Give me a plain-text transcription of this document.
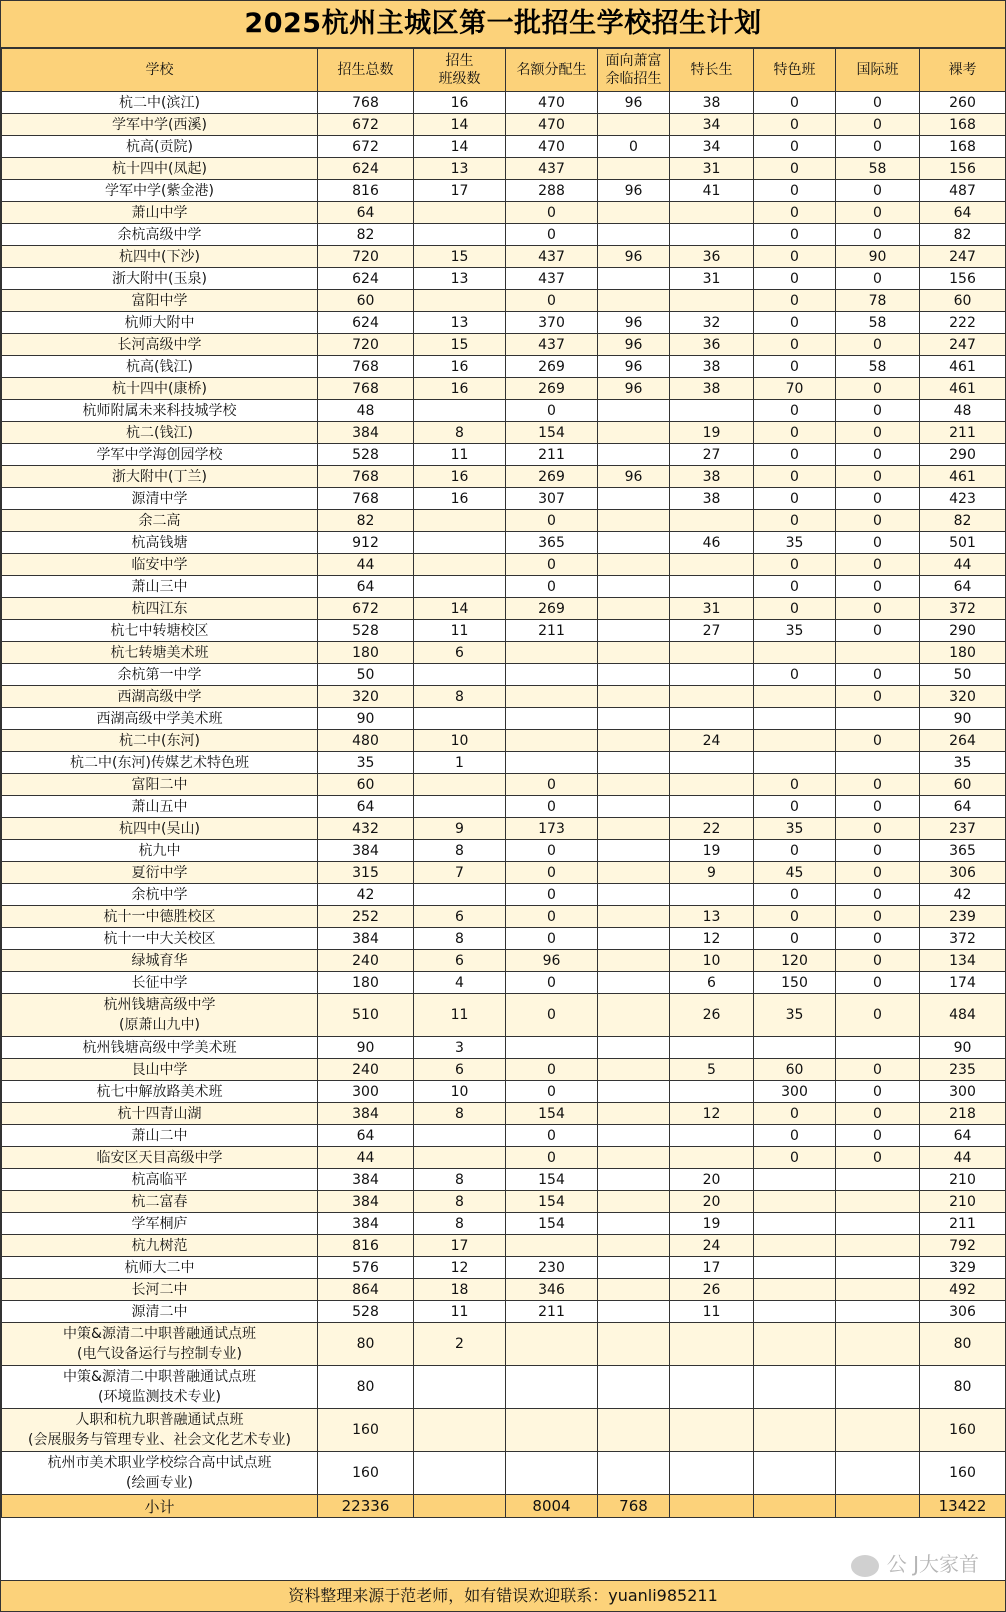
2025杭州主城区第一批招生学校招生计划
学校	招生总数	招生
班级数	名额分配生	面向萧富
余临招生	特长生	特色班	国际班	裸考
杭二中(滨江)	768	16	470	96	38	0	0	260
学军中学(西溪)	672	14	470		34	0	0	168
杭高(贡院)	672	14	470	0	34	0	0	168
杭十四中(凤起)	624	13	437		31	0	58	156
学军中学(紫金港)	816	17	288	96	41	0	0	487
萧山中学	64		0			0	0	64
余杭高级中学	82		0			0	0	82
杭四中(下沙)	720	15	437	96	36	0	90	247
浙大附中(玉泉)	624	13	437		31	0	0	156
富阳中学	60		0			0	78	60
杭师大附中	624	13	370	96	32	0	58	222
长河高级中学	720	15	437	96	36	0	0	247
杭高(钱江)	768	16	269	96	38	0	58	461
杭十四中(康桥)	768	16	269	96	38	70	0	461
杭师附属未来科技城学校	48		0			0	0	48
杭二(钱江)	384	8	154		19	0	0	211
学军中学海创园学校	528	11	211		27	0	0	290
浙大附中(丁兰)	768	16	269	96	38	0	0	461
源清中学	768	16	307		38	0	0	423
余二高	82		0			0	0	82
杭高钱塘	912		365		46	35	0	501
临安中学	44		0			0	0	44
萧山三中	64		0			0	0	64
杭四江东	672	14	269		31	0	0	372
杭七中转塘校区	528	11	211		27	35	0	290
杭七转塘美术班	180	6						180
余杭第一中学	50					0	0	50
西湖高级中学	320	8					0	320
西湖高级中学美术班	90							90
杭二中(东河)	480	10			24		0	264
杭二中(东河)传媒艺术特色班	35	1						35
富阳二中	60		0			0	0	60
萧山五中	64		0			0	0	64
杭四中(吴山)	432	9	173		22	35	0	237
杭九中	384	8	0		19	0	0	365
夏衍中学	315	7	0		9	45	0	306
余杭中学	42		0			0	0	42
杭十一中德胜校区	252	6	0		13	0	0	239
杭十一中大关校区	384	8	0		12	0	0	372
绿城育华	240	6	96		10	120	0	134
长征中学	180	4	0		6	150	0	174
杭州钱塘高级中学
(原萧山九中)	510	11	0		26	35	0	484
杭州钱塘高级中学美术班	90	3						90
艮山中学	240	6	0		5	60	0	235
杭七中解放路美术班	300	10	0			300	0	300
杭十四青山湖	384	8	154		12	0	0	218
萧山二中	64		0			0	0	64
临安区天目高级中学	44		0			0	0	44
杭高临平	384	8	154		20			210
杭二富春	384	8	154		20			210
学军桐庐	384	8	154		19			211
杭九树范	816	17			24			792
杭师大二中	576	12	230		17			329
长河二中	864	18	346		26			492
源清二中	528	11	211		11			306
中策&源清二中职普融通试点班
(电气设备运行与控制专业)	80	2						80
中策&源清二中职普融通试点班
(环境监测技术专业)	80							80
人职和杭九职普融通试点班
(会展服务与管理专业、社会文化艺术专业)	160							160
杭州市美术职业学校综合高中试点班
(绘画专业)	160							160
小计	22336		8004	768				13422
公 J大家首
资料整理来源于范老师，如有错误欢迎联系：yuanli985211
